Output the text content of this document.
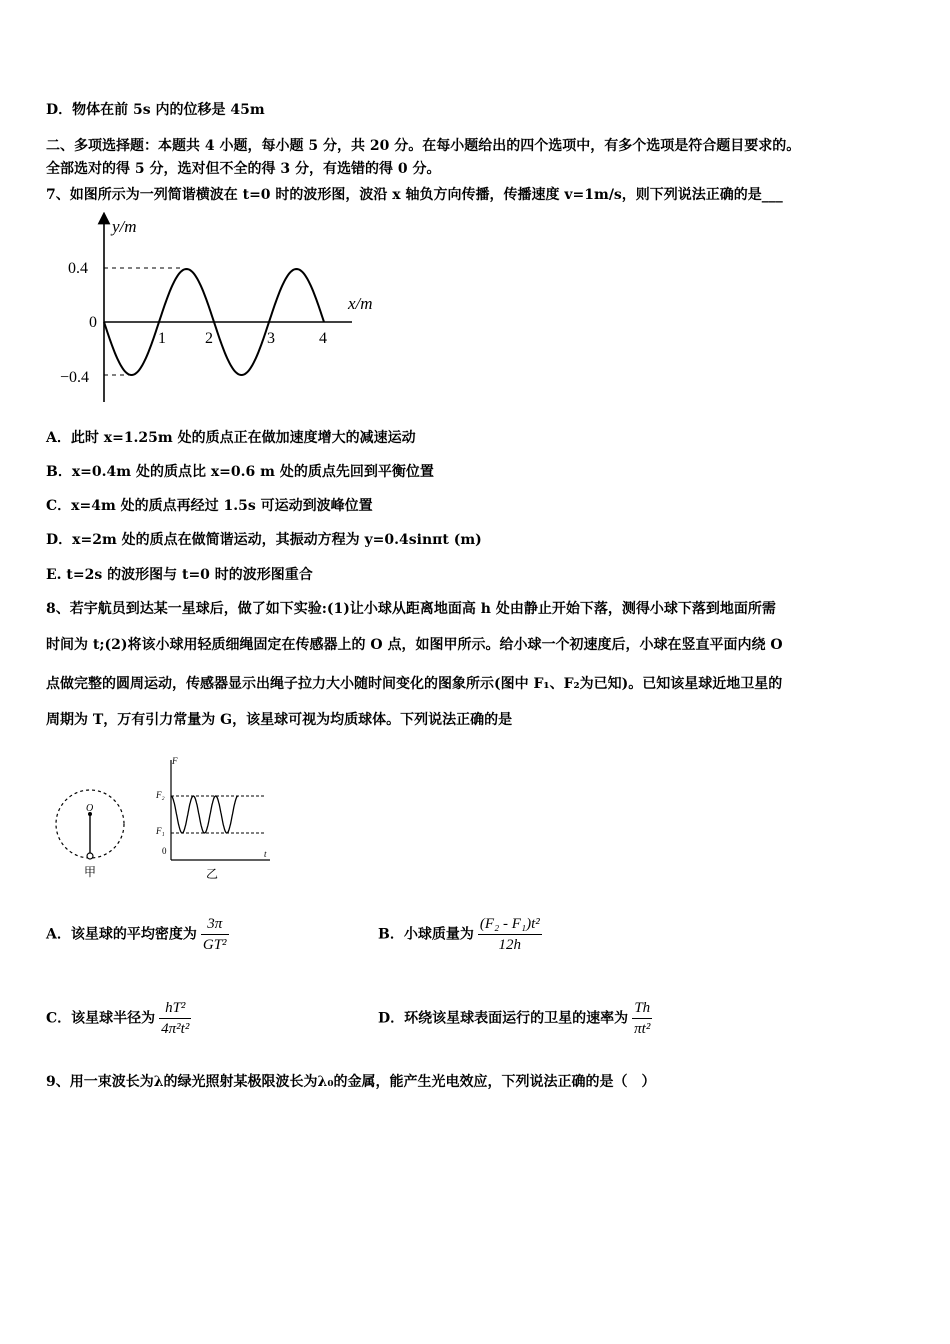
D．物体在前 5s 内的位移是 45m
二、多项选择题：本题共 4 小题，每小题 5 分，共 20 分。在每小题给出的四个选项中，有多个选项是符合题目要求的。
全部选对的得 5 分，选对但不全的得 3 分，有选错的得 0 分。
7、如图所示为一列简谐横波在 t=0 时的波形图，波沿 x 轴负方向传播，传播速度 v=1m/s，则下列说法正确的是___
y/m
x/m
0.4
0
−0.4
1 2	3	4
A．此时 x=1.25m 处的质点正在做加速度增大的减速运动
B．x=0.4m 处的质点比 x=0.6 m 处的质点先回到平衡位置
C．x=4m 处的质点再经过 1.5s 可运动到波峰位置
D．x=2m 处的质点在做简谐运动，其振动方程为 y=0.4sinπt (m)
E. t=2s 的波形图与 t=0 时的波形图重合
8、若宇航员到达某一星球后，做了如下实验:(1)让小球从距离地面高 h 处由静止开始下落，测得小球下落到地面所需
时间为 t;(2)将该小球用轻质细绳固定在传感器上的 O 点，如图甲所示。给小球一个初速度后，小球在竖直平面内绕 O
点做完整的圆周运动，传感器显示出绳子拉力大小随时间变化的图象所示(图中 F₁、F₂为已知)。已知该星球近地卫星的
周期为 T，万有引力常量为 G，该星球可视为均质球体。下列说法正确的是
O
甲
F
t
0
F₂
F₁
乙
A．该星球的平均密度为 $\frac{3\pi}{\text{GT²}}$	B．小球质量为 $\frac{\text{(F₂ - F₁)t²}}{12h}$
C．该星球半径为 $\frac{\text{hT²}}{\text{4π²t²}}$	D．环绕该星球表面运行的卫星的速率为 $\frac{Th}{\text{πt²}}$
9、用一束波长为λ的绿光照射某极限波长为λ₀的金属，能产生光电效应，下列说法正确的是（　）
